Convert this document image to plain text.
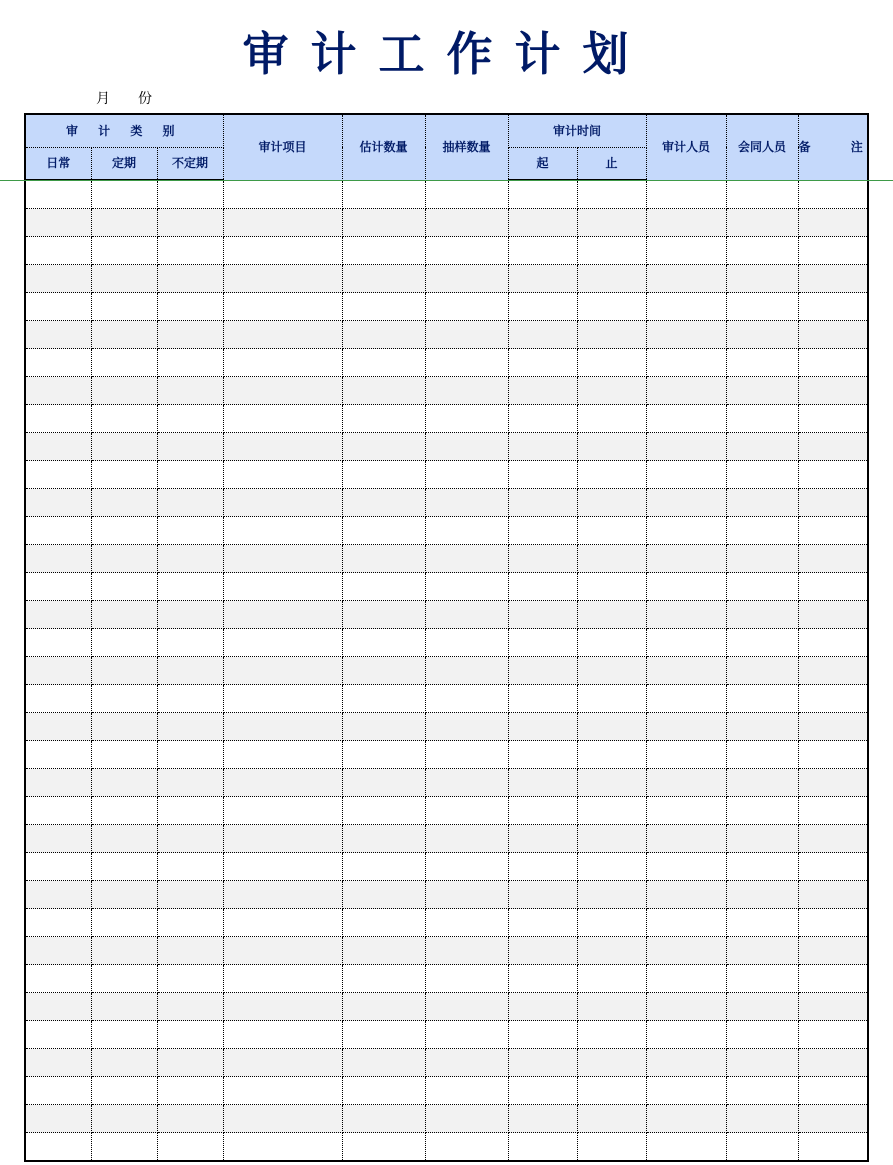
审计工作计划
月份
审 计 类 别			审计项目	估计数量	抽样数量	审计时间		审计人员	会同人员	备 注
日常	定期	不定期				起	止			
